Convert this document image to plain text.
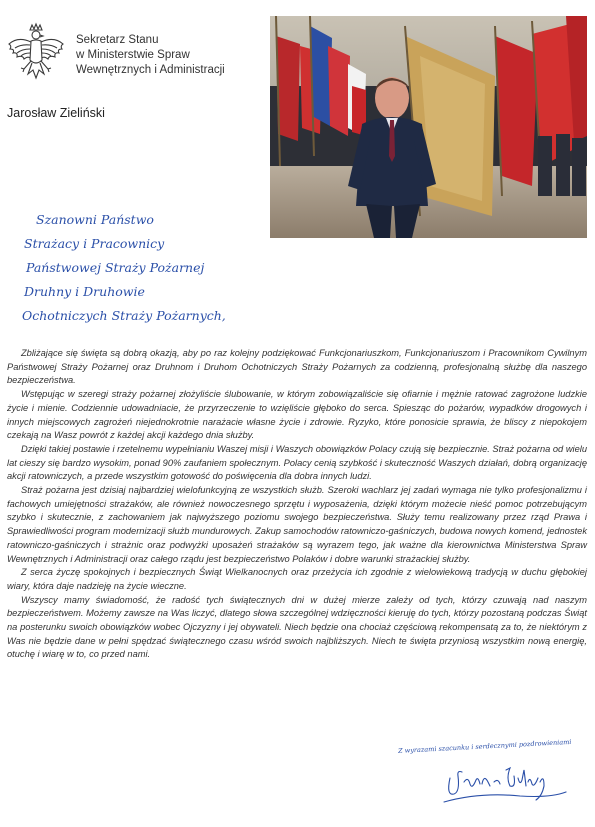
Sekretarz Stanu
w Ministerstwie Spraw
Wewnętrznych i Administracji
Jarosław Zieliński
Szanowni Państwo
Strażacy i Pracownicy
Państwowej Straży Pożarnej
Druhny i Druhowie
Ochotniczych Straży Pożarnych,

Zbliżające się święta są dobrą okazją, aby po raz kolejny podziękować Funkcjonariuszkom, Funkcjonariuszom i Pracownikom Cywilnym Państwowej Straży Pożarnej oraz Druhnom i Druhom Ochotniczych Straży Pożarnych za codzienną, profesjonalną służbę dla naszego bezpieczeństwa.

Wstępując w szeregi straży pożarnej złożyliście ślubowanie, w którym zobowiązaliście się ofiarnie i mężnie ratować zagrożone ludzkie życie i mienie. Codziennie udowadniacie, że przyrzeczenie to wzięliście głęboko do serca. Spiesząc do pożarów, wypadków drogowych i innych miejscowych zagrożeń niejednokrotnie narażacie własne życie i zdrowie. Ryzyko, które ponosicie sprawia, że bliscy z niepokojem czekają na Wasz powrót z każdej akcji każdego dnia służby.

Dzięki takiej postawie i rzetelnemu wypełnianiu Waszej misji i Waszych obowiązków Polacy czują się bezpiecznie. Straż pożarna od wielu lat cieszy się bardzo wysokim, ponad 90% zaufaniem społecznym. Polacy cenią szybkość i skuteczność Waszych działań, dobrą organizację akcji ratowniczych, a przede wszystkim gotowość do poświęcenia dla dobra innych ludzi.

Straż pożarna jest dzisiaj najbardziej wielofunkcyjną ze wszystkich służb. Szeroki wachlarz jej zadań wymaga nie tylko profesjonalizmu i fachowych umiejętności strażaków, ale również nowoczesnego sprzętu i wyposażenia, dzięki którym możecie nieść pomoc potrzebującym szybko i skutecznie, z zachowaniem jak najwyższego poziomu swojego bezpieczeństwa. Służy temu realizowany przez rząd Prawa i Sprawiedliwości program modernizacji służb mundurowych. Zakup samochodów ratowniczo-gaśniczych, budowa nowych komend, jednostek ratowniczo-gaśniczych i strażnic oraz podwyżki uposażeń strażaków są wyrazem tego, jak ważne dla kierownictwa Ministerstwa Spraw Wewnętrznych i Administracji oraz całego rządu jest bezpieczeństwo Polaków i dobre warunki strażackiej służby.

Z serca życzę spokojnych i bezpiecznych Świąt Wielkanocnych oraz przeżycia ich zgodnie z wielowiekową tradycją w duchu głębokiej wiary, która daje nadzieję na życie wieczne.

Wszyscy mamy świadomość, że radość tych świątecznych dni w dużej mierze zależy od tych, którzy czuwają nad naszym bezpieczeństwem. Możemy zawsze na Was liczyć, dlatego słowa szczególnej wdzięczności kieruję do tych, którzy pozostaną podczas Świąt na posterunku swoich obowiązków wobec Ojczyzny i jej obywateli. Niech będzie ona chociaż częściową rekompensatą za to, że niektórym z Was nie będzie dane w pełni spędzać świątecznego czasu wśród swoich najbliższych. Niech te święta przyniosą wszystkim nową energię, otuchę i wiarę w to, co przed nami.

Z wyrazami szacunku i serdecznymi pozdrowieniami
